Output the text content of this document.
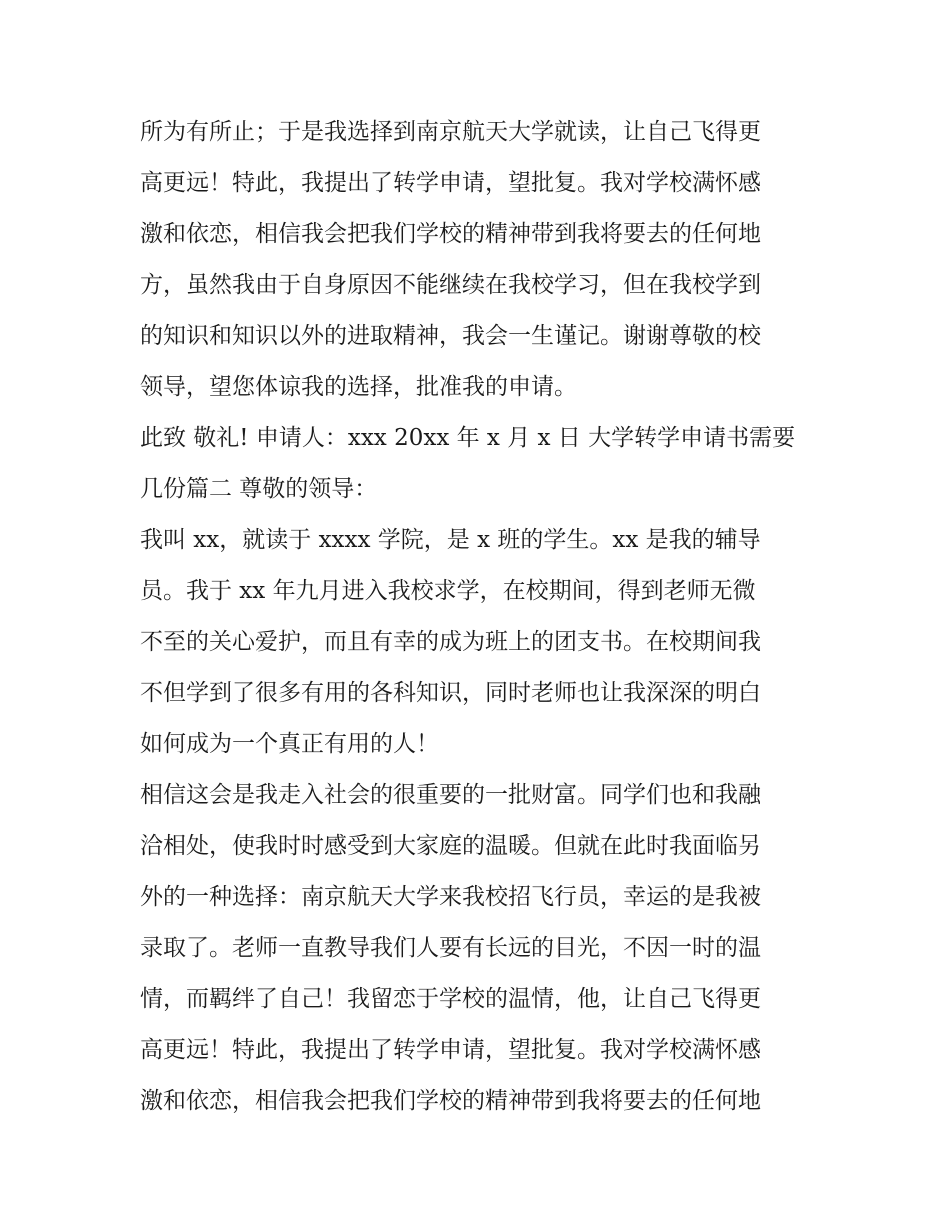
所为有所止；于是我选择到南京航天大学就读，让自己飞得更
高更远！特此，我提出了转学申请，望批复。我对学校满怀感
激和依恋，相信我会把我们学校的精神带到我将要去的任何地
方，虽然我由于自身原因不能继续在我校学习，但在我校学到
的知识和知识以外的进取精神，我会一生谨记。谢谢尊敬的校
领导，望您体谅我的选择，批准我的申请。
此致 敬礼! 申请人：xxx 20xx 年 x 月 x 日 大学转学申请书需要
几份篇二 尊敬的领导：
我叫 xx，就读于 xxxx 学院，是 x 班的学生。xx 是我的辅导
员。我于 xx 年九月进入我校求学，在校期间，得到老师无微
不至的关心爱护，而且有幸的成为班上的团支书。在校期间我
不但学到了很多有用的各科知识，同时老师也让我深深的明白
如何成为一个真正有用的人！
相信这会是我走入社会的很重要的一批财富。同学们也和我融
洽相处，使我时时感受到大家庭的温暖。但就在此时我面临另
外的一种选择：南京航天大学来我校招飞行员，幸运的是我被
录取了。老师一直教导我们人要有长远的目光，不因一时的温
情，而羁绊了自己！我留恋于学校的温情，他，让自己飞得更
高更远！特此，我提出了转学申请，望批复。我对学校满怀感
激和依恋，相信我会把我们学校的精神带到我将要去的任何地
